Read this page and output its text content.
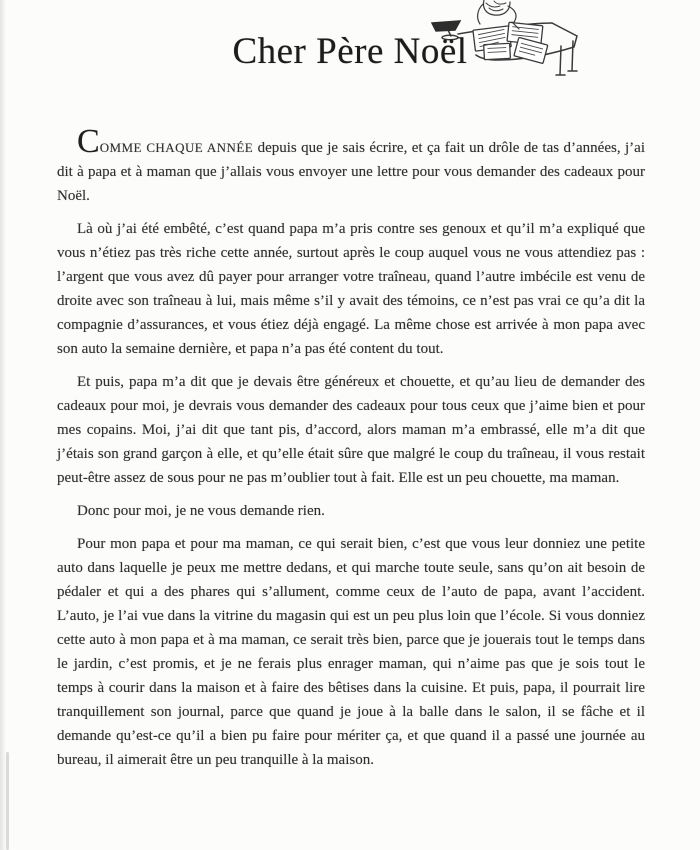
Cher Père Noël

COMME CHAQUE ANNÉE depuis que je sais écrire, et ça fait un drôle de tas d’années, j’ai dit à papa et à maman que j’allais vous envoyer une lettre pour vous demander des cadeaux pour Noël.

Là où j’ai été embêté, c’est quand papa m’a pris contre ses genoux et qu’il m’a expliqué que vous n’étiez pas très riche cette année, surtout après le coup auquel vous ne vous attendiez pas : l’argent que vous avez dû payer pour arranger votre traîneau, quand l’autre imbécile est venu de droite avec son traîneau à lui, mais même s’il y avait des témoins, ce n’est pas vrai ce qu’a dit la compagnie d’assurances, et vous étiez déjà engagé. La même chose est arrivée à mon papa avec son auto la semaine dernière, et papa n’a pas été content du tout.

Et puis, papa m’a dit que je devais être généreux et chouette, et qu’au lieu de demander des cadeaux pour moi, je devrais vous demander des cadeaux pour tous ceux que j’aime bien et pour mes copains. Moi, j’ai dit que tant pis, d’accord, alors maman m’a embrassé, elle m’a dit que j’étais son grand garçon à elle, et qu’elle était sûre que malgré le coup du traîneau, il vous restait peut-être assez de sous pour ne pas m’oublier tout à fait. Elle est un peu chouette, ma maman.

Donc pour moi, je ne vous demande rien.

Pour mon papa et pour ma maman, ce qui serait bien, c’est que vous leur donniez une petite auto dans laquelle je peux me mettre dedans, et qui marche toute seule, sans qu’on ait besoin de pédaler et qui a des phares qui s’allument, comme ceux de l’auto de papa, avant l’accident. L’auto, je l’ai vue dans la vitrine du magasin qui est un peu plus loin que l’école. Si vous donniez cette auto à mon papa et à ma maman, ce serait très bien, parce que je jouerais tout le temps dans le jardin, c’est promis, et je ne ferais plus enrager maman, qui n’aime pas que je sois tout le temps à courir dans la maison et à faire des bêtises dans la cuisine. Et puis, papa, il pourrait lire tranquillement son journal, parce que quand je joue à la balle dans le salon, il se fâche et il demande qu’est-ce qu’il a bien pu faire pour mériter ça, et que quand il a passé une journée au bureau, il aimerait être un peu tranquille à la maison.
